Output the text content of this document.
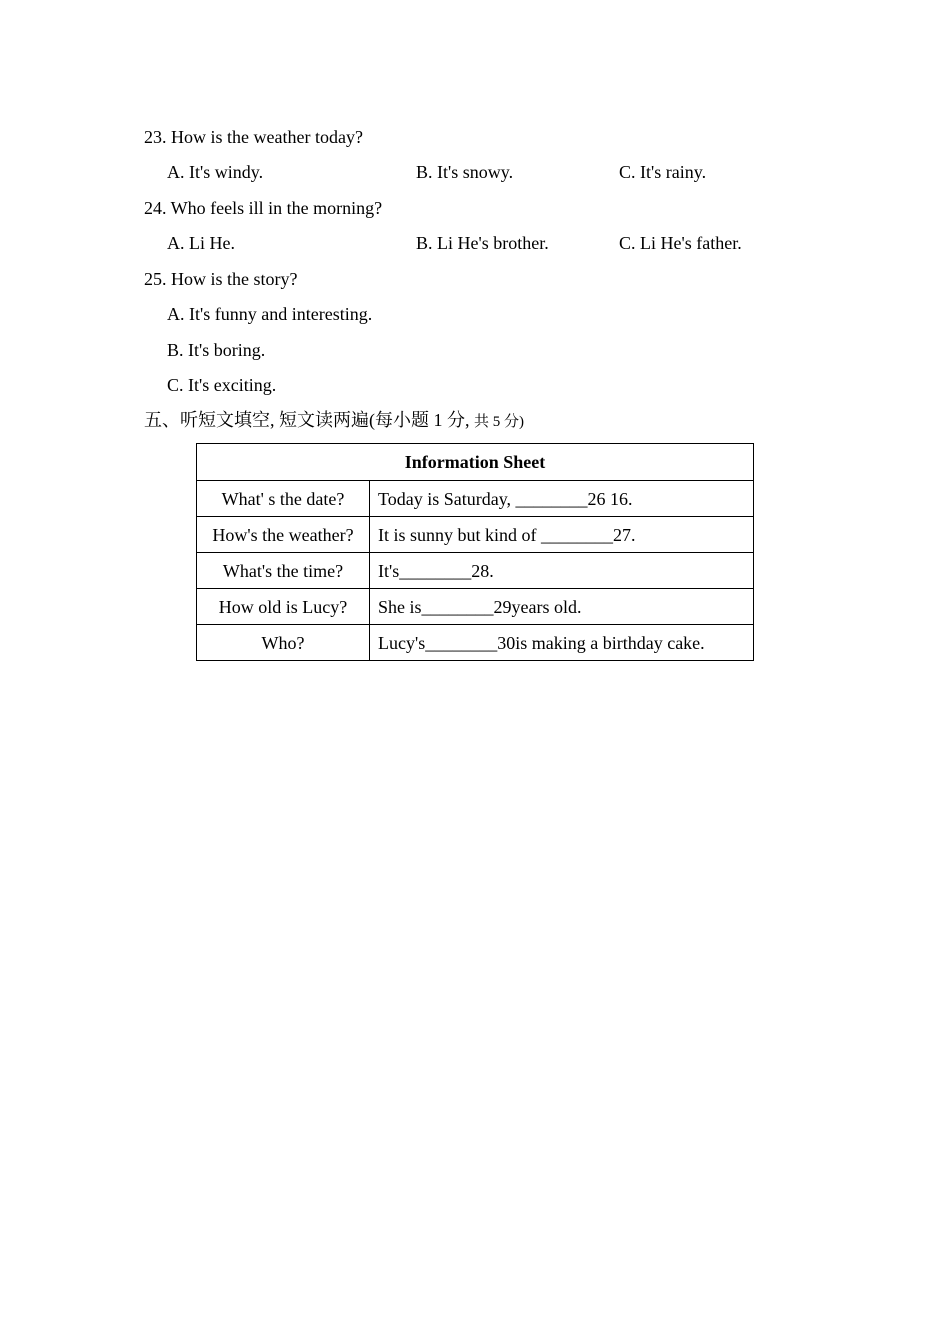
23. How is the weather today?
A. It's windy.	B. It's snowy.	C. It's rainy.
24. Who feels ill in the morning?
A. Li He.	B. Li He's brother.	C. Li He's father.
25. How is the story?
A. It's funny and interesting.
B. It's boring.
C. It's exciting.
五、听短文填空, 短文读两遍(每小题 1 分, 共 5 分)
Information Sheet	
What' s the date?	Today is Saturday, ________26 16.
How's the weather?	It is sunny but kind of ________27.
What's the time?	It's________28.
How old is Lucy?	She is________29years old.
Who?	Lucy's________30is making a birthday cake.
